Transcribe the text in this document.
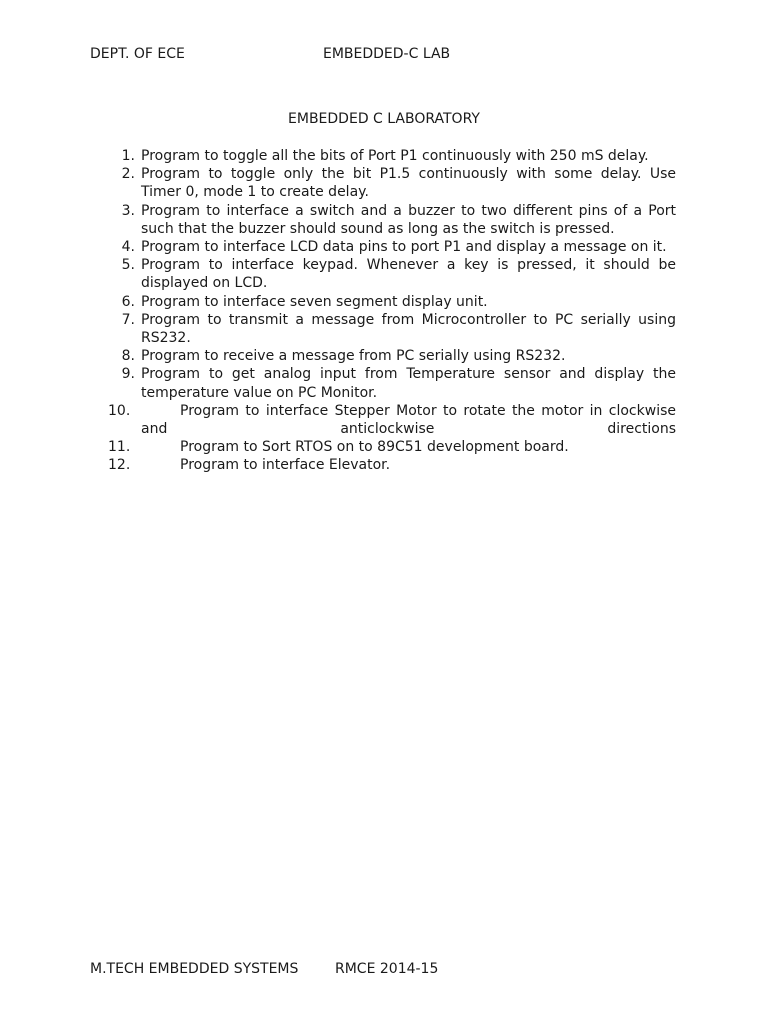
DEPT. OF ECE	EMBEDDED-C LAB
EMBEDDED C LABORATORY
1. Program to toggle all the bits of Port P1 continuously with 250 mS delay.
2. Program to toggle only the bit P1.5 continuously with some delay. Use Timer 0, mode 1 to create delay.
3. Program to interface a switch and a buzzer to two different pins of a Port such that the buzzer should sound as long as the switch is pressed.
4. Program to interface LCD data pins to port P1 and display a message on it.
5. Program to interface keypad. Whenever a key is pressed, it should be displayed on LCD.
6. Program to interface seven segment display unit.
7. Program to transmit a message from Microcontroller to PC serially using RS232.
8. Program to receive a message from PC serially using RS232.
9. Program to get analog input from Temperature sensor and display the temperature value on PC Monitor.
10.	Program to interface Stepper Motor to rotate the motor in clockwise and anticlockwise directions
11.	Program to Sort RTOS on to 89C51 development board.
12.	Program to interface Elevator.
M.TECH EMBEDDED SYSTEMS	RMCE 2014-15
